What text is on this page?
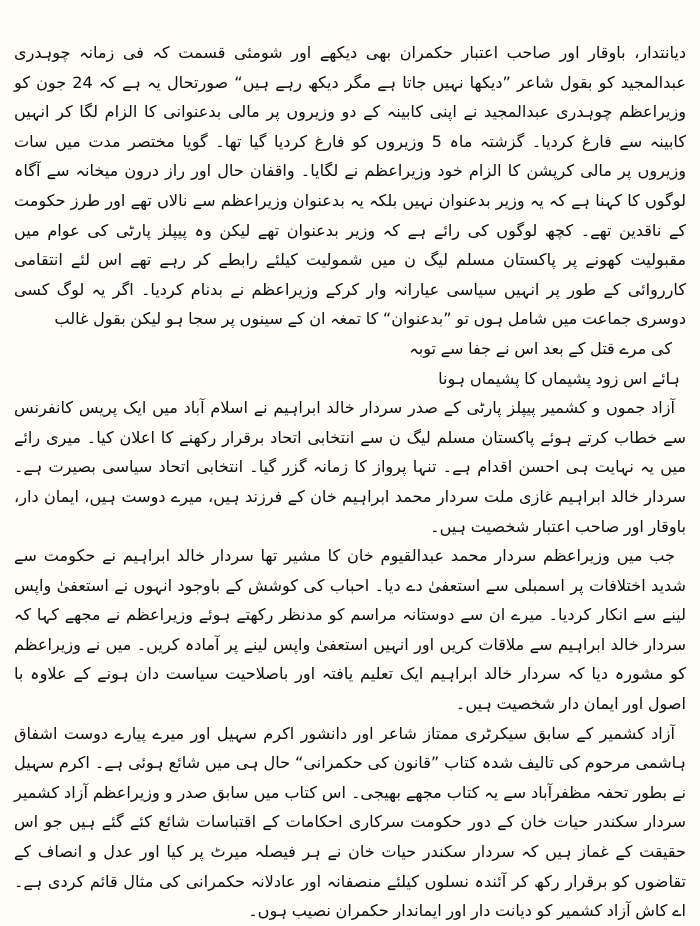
دیانتدار، باوقار اور صاحب اعتبار حکمران بھی دیکھے اور شومئی قسمت کہ فی زمانہ چوہدری عبدالمجید کو بقول شاعر ”دیکھا نہیں جاتا ہے مگر دیکھ رہے ہیں“ صورتحال یہ ہے کہ 24 جون کو وزیراعظم چوہدری عبدالمجید نے اپنی کابینہ کے دو وزیروں پر مالی بدعنوانی کا الزام لگا کر انہیں کابینہ سے فارغ کردیا۔ گزشتہ ماہ 5 وزیروں کو فارغ کردیا گیا تھا۔ گویا مختصر مدت میں سات وزیروں پر مالی کرپشن کا الزام خود وزیراعظم نے لگایا۔ واقفان حال اور راز درون میخانہ سے آگاہ لوگوں کا کہنا ہے کہ یہ وزیر بدعنوان نہیں بلکہ یہ بدعنوان وزیراعظم سے نالاں تھے اور طرز حکومت کے ناقدین تھے۔ کچھ لوگوں کی رائے ہے کہ وزیر بدعنوان تھے لیکن وہ پیپلز پارٹی کی عوام میں مقبولیت کھونے پر پاکستان مسلم لیگ ن میں شمولیت کیلئے رابطے کر رہے تھے اس لئے انتقامی کارروائی کے طور پر انہیں سیاسی عیارانہ وار کرکے وزیراعظم نے بدنام کردیا۔ اگر یہ لوگ کسی دوسری جماعت میں شامل ہوں تو ”بدعنوان“ کا تمغہ ان کے سینوں پر سجا ہو لیکن بقول غالب

کی مرے قتل کے بعد اس نے جفا سے توبہ
ہائے اس زود پشیماں کا پشیماں ہونا

آزاد جموں و کشمیر پیپلز پارٹی کے صدر سردار خالد ابراہیم نے اسلام آباد میں ایک پریس کانفرنس سے خطاب کرتے ہوئے پاکستان مسلم لیگ ن سے انتخابی اتحاد برقرار رکھنے کا اعلان کیا۔ میری رائے میں یہ نہایت ہی احسن اقدام ہے۔ تنہا پرواز کا زمانہ گزر گیا۔ انتخابی اتحاد سیاسی بصیرت ہے۔ سردار خالد ابراہیم غازی ملت سردار محمد ابراہیم خان کے فرزند ہیں، میرے دوست ہیں، ایمان دار، باوقار اور صاحب اعتبار شخصیت ہیں۔

جب میں وزیراعظم سردار محمد عبدالقیوم خان کا مشیر تھا سردار خالد ابراہیم نے حکومت سے شدید اختلافات پر اسمبلی سے استعفیٰ دے دیا۔ احباب کی کوشش کے باوجود انہوں نے استعفیٰ واپس لینے سے انکار کردیا۔ میرے ان سے دوستانہ مراسم کو مدنظر رکھتے ہوئے وزیراعظم نے مجھے کہا کہ سردار خالد ابراہیم سے ملاقات کریں اور انہیں استعفیٰ واپس لینے پر آمادہ کریں۔ میں نے وزیراعظم کو مشورہ دیا کہ سردار خالد ابراہیم ایک تعلیم یافتہ اور باصلاحیت سیاست دان ہونے کے علاوہ با اصول اور ایمان دار شخصیت ہیں۔

آزاد کشمیر کے سابق سیکرٹری ممتاز شاعر اور دانشور اکرم سہیل اور میرے پیارے دوست اشفاق ہاشمی مرحوم کی تالیف شدہ کتاب ”قانون کی حکمرانی“ حال ہی میں شائع ہوئی ہے۔ اکرم سہیل نے بطور تحفہ مظفرآباد سے یہ کتاب مجھے بھیجی۔ اس کتاب میں سابق صدر و وزیراعظم آزاد کشمیر سردار سکندر حیات خان کے دور حکومت سرکاری احکامات کے اقتباسات شائع کئے گئے ہیں جو اس حقیقت کے غماز ہیں کہ سردار سکندر حیات خان نے ہر فیصلہ میرٹ پر کیا اور عدل و انصاف کے تقاضوں کو برقرار رکھ کر آئندہ نسلوں کیلئے منصفانہ اور عادلانہ حکمرانی کی مثال قائم کردی ہے۔ اے کاش آزاد کشمیر کو دیانت دار اور ایماندار حکمران نصیب ہوں۔
